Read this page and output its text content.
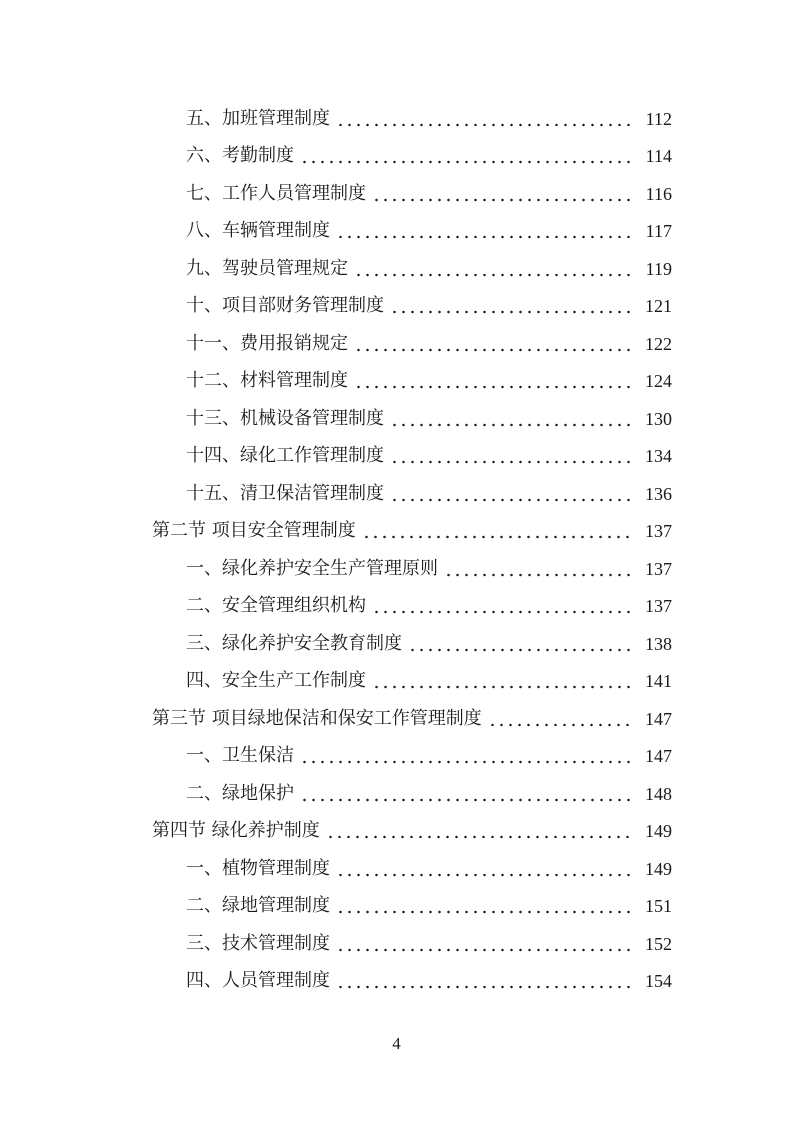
五、加班管理制度	112
六、考勤制度	114
七、工作人员管理制度	116
八、车辆管理制度	117
九、驾驶员管理规定	119
十、项目部财务管理制度	121
十一、费用报销规定	122
十二、材料管理制度	124
十三、机械设备管理制度	130
十四、绿化工作管理制度	134
十五、清卫保洁管理制度	136
第二节 项目安全管理制度	137
一、绿化养护安全生产管理原则	137
二、安全管理组织机构	137
三、绿化养护安全教育制度	138
四、安全生产工作制度	141
第三节 项目绿地保洁和保安工作管理制度	147
一、卫生保洁	147
二、绿地保护	148
第四节 绿化养护制度	149
一、植物管理制度	149
二、绿地管理制度	151
三、技术管理制度	152
四、人员管理制度	154
4
